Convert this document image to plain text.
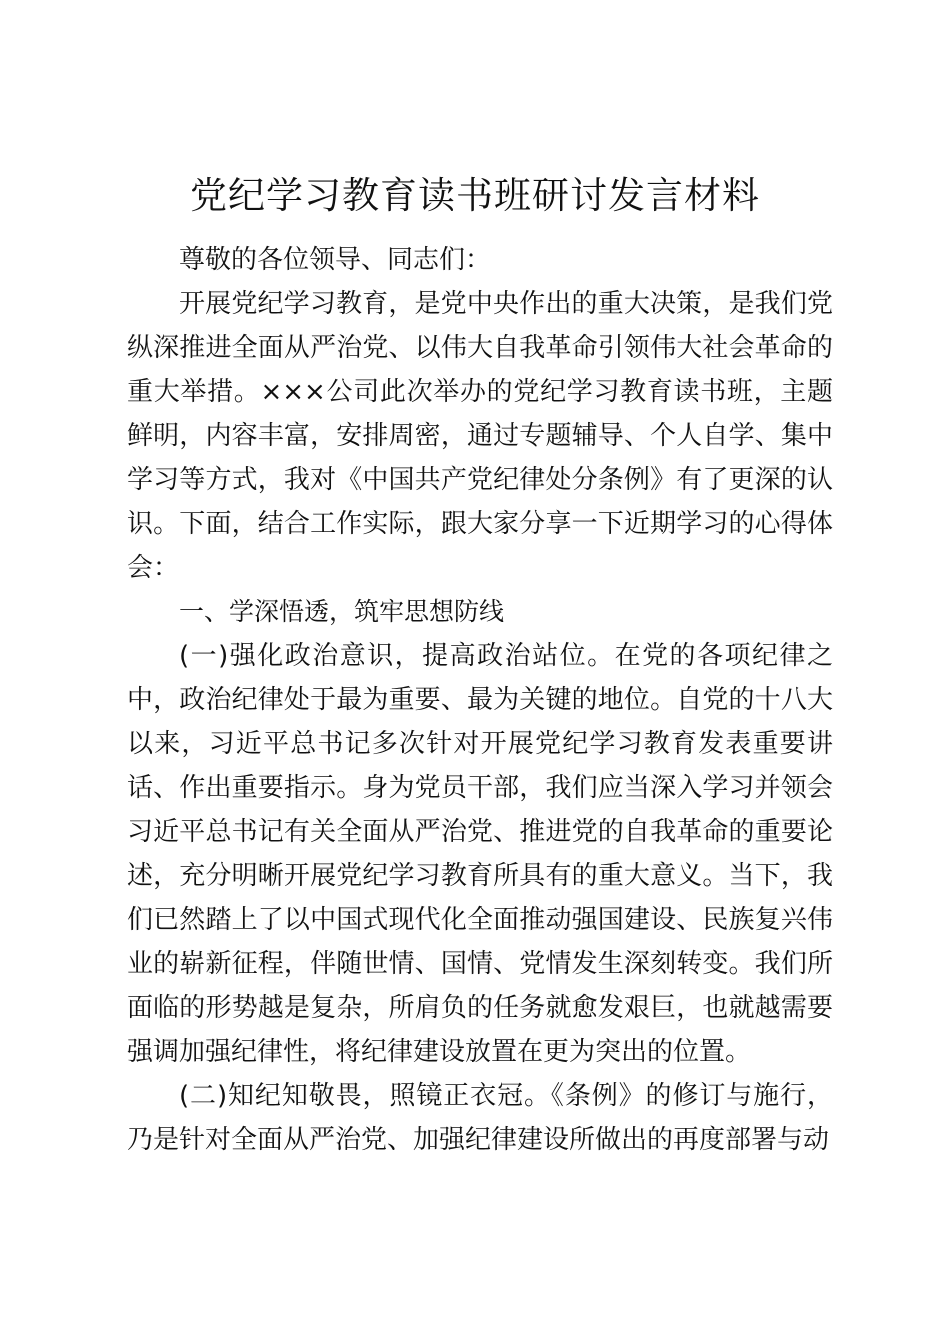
党纪学习教育读书班研讨发言材料

尊敬的各位领导、同志们：

开展党纪学习教育，是党中央作出的重大决策，是我们党纵深推进全面从严治党、以伟大自我革命引领伟大社会革命的重大举措。×××公司此次举办的党纪学习教育读书班，主题鲜明，内容丰富，安排周密，通过专题辅导、个人自学、集中学习等方式，我对《中国共产党纪律处分条例》有了更深的认识。下面，结合工作实际，跟大家分享一下近期学习的心得体会：

一、学深悟透，筑牢思想防线

(一)强化政治意识，提高政治站位。在党的各项纪律之中，政治纪律处于最为重要、最为关键的地位。自党的十八大以来，习近平总书记多次针对开展党纪学习教育发表重要讲话、作出重要指示。身为党员干部，我们应当深入学习并领会习近平总书记有关全面从严治党、推进党的自我革命的重要论述，充分明晰开展党纪学习教育所具有的重大意义。当下，我们已然踏上了以中国式现代化全面推动强国建设、民族复兴伟业的崭新征程，伴随世情、国情、党情发生深刻转变。我们所面临的形势越是复杂，所肩负的任务就愈发艰巨，也就越需要强调加强纪律性，将纪律建设放置在更为突出的位置。

(二)知纪知敬畏，照镜正衣冠。《条例》的修订与施行，乃是针对全面从严治党、加强纪律建设所做出的再度部署与动
